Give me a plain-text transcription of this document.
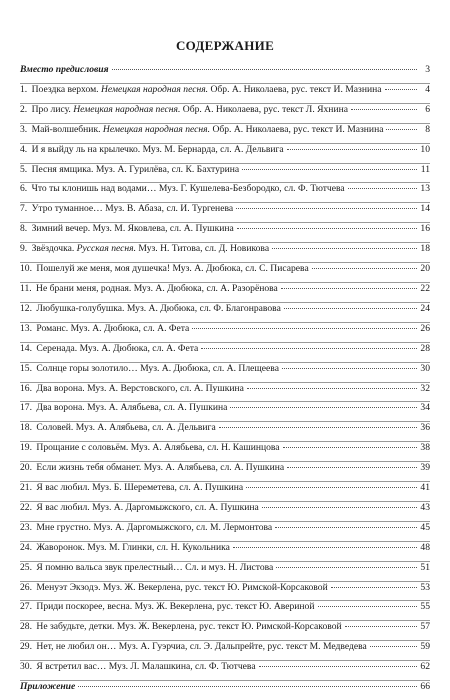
СОДЕРЖАНИЕ
Вместо предисловия	3
1. Поездка верхом. Немецкая народная песня. Обр. А. Николаева, рус. текст И. Мазнина	4
2. Про лису. Немецкая народная песня. Обр. А. Николаева, рус. текст Л. Яхнина	6
3. Май-волшебник. Немецкая народная песня. Обр. А. Николаева, рус. текст И. Мазнина	8
4. И я выйду ль на крылечко. Муз. М. Бернарда, сл. А. Дельвига	10
5. Песня ямщика. Муз. А. Гурилёва, сл. К. Бахтурина	11
6. Что ты клонишь над водами… Муз. Г. Кушелева-Безбородко, сл. Ф. Тютчева	13
7. Утро туманное… Муз. В. Абаза, сл. И. Тургенева	14
8. Зимний вечер. Муз. М. Яковлева, сл. А. Пушкина	16
9. Звёздочка. Русская песня. Муз. Н. Титова, сл. Д. Новикова	18
10. Пошелуй же меня, моя душечка! Муз. А. Дюбюка, сл. С. Писарева	20
11. Не брани меня, родная. Муз. А. Дюбюка, сл. А. Разорёнова	22
12. Любушка-голубушка. Муз. А. Дюбюка, сл. Ф. Благонравова	24
13. Романс. Муз. А. Дюбюка, сл. А. Фета	26
14. Серенада. Муз. А. Дюбюка, сл. А. Фета	28
15. Солнце горы золотило… Муз. А. Дюбюка, сл. А. Плещеева	30
16. Два ворона. Муз. А. Верстовского, сл. А. Пушкина	32
17. Два ворона. Муз. А. Алябьева, сл. А. Пушкина	34
18. Соловей. Муз. А. Алябьева, сл. А. Дельвига	36
19. Прощание с соловьём. Муз. А. Алябьева, сл. Н. Кашинцова	38
20. Если жизнь тебя обманет. Муз. А. Алябьева, сл. А. Пушкина	39
21. Я вас любил. Муз. Б. Шереметева, сл. А. Пушкина	41
22. Я вас любил. Муз. А. Даргомыжского, сл. А. Пушкина	43
23. Мне грустно. Муз. А. Даргомыжского, сл. М. Лермонтова	45
24. Жаворонок. Муз. М. Глинки, сл. Н. Кукольника	48
25. Я помню вальса звук прелестный… Сл. и муз. Н. Листова	51
26. Менуэт Экзодэ. Муз. Ж. Векерлена, рус. текст Ю. Римской-Корсаковой	53
27. Приди поскорее, весна. Муз. Ж. Векерлена, рус. текст Ю. Авериной	55
28. Не забудьте, детки. Муз. Ж. Векерлена, рус. текст Ю. Римской-Корсаковой	57
29. Нет, не любил он… Муз. А. Гуэрчиа, сл. Э. Дальпрейте, рус. текст М. Медведева	59
30. Я встретил вас… Муз. Л. Малашкина, сл. Ф. Тютчева	62
Приложение	66
